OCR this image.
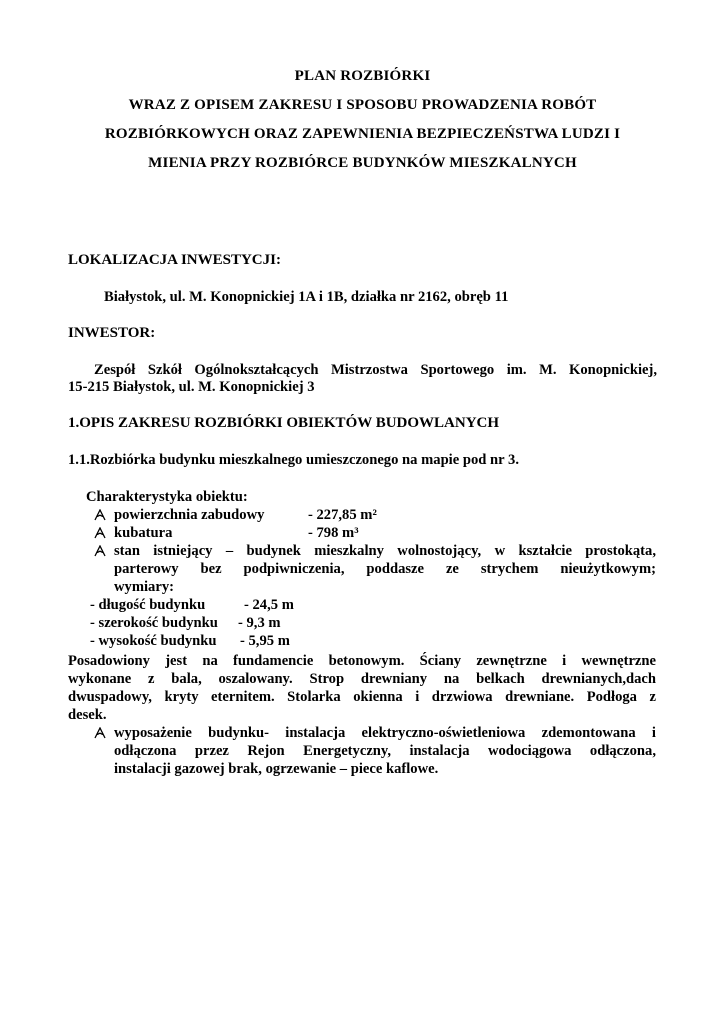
PLAN ROZBIÓRKI
WRAZ Z OPISEM ZAKRESU I SPOSOBU PROWADZENIA ROBÓT
ROZBIÓRKOWYCH ORAZ ZAPEWNIENIA BEZPIECZEŃSTWA LUDZI I
MIENIA PRZY ROZBIÓRCE BUDYNKÓW MIESZKALNYCH
LOKALIZACJA INWESTYCJI:
Białystok, ul. M. Konopnickiej 1A i 1B, działka nr 2162, obręb 11
INWESTOR:
Zespół Szkół Ogólnokształcących Mistrzostwa Sportowego im. M. Konopnickiej,
15-215 Białystok, ul. M. Konopnickiej 3
1.OPIS ZAKRESU ROZBIÓRKI OBIEKTÓW BUDOWLANYCH
1.1.Rozbiórka budynku mieszkalnego umieszczonego na mapie pod nr 3.
Charakterystyka obiektu:
powierzchnia zabudowy	- 227,85 m²
kubatura	- 798 m³
stan istniejący – budynek mieszkalny wolnostojący, w kształcie prostokąta,
parterowy bez podpiwniczenia, poddasze ze strychem nieużytkowym;
wymiary:
- długość budynku	- 24,5 m
- szerokość budynku - 9,3 m
- wysokość budynku - 5,95 m
Posadowiony jest na fundamencie betonowym. Ściany zewnętrzne i wewnętrzne
wykonane z bala, oszalowany. Strop drewniany na belkach drewnianych,dach
dwuspadowy, kryty eternitem. Stolarka okienna i drzwiowa drewniane. Podłoga z
desek.
wyposażenie budynku- instalacja elektryczno-oświetleniowa zdemontowana i
odłączona przez Rejon Energetyczny, instalacja wodociągowa odłączona,
instalacji gazowej brak, ogrzewanie – piece kaflowe.
